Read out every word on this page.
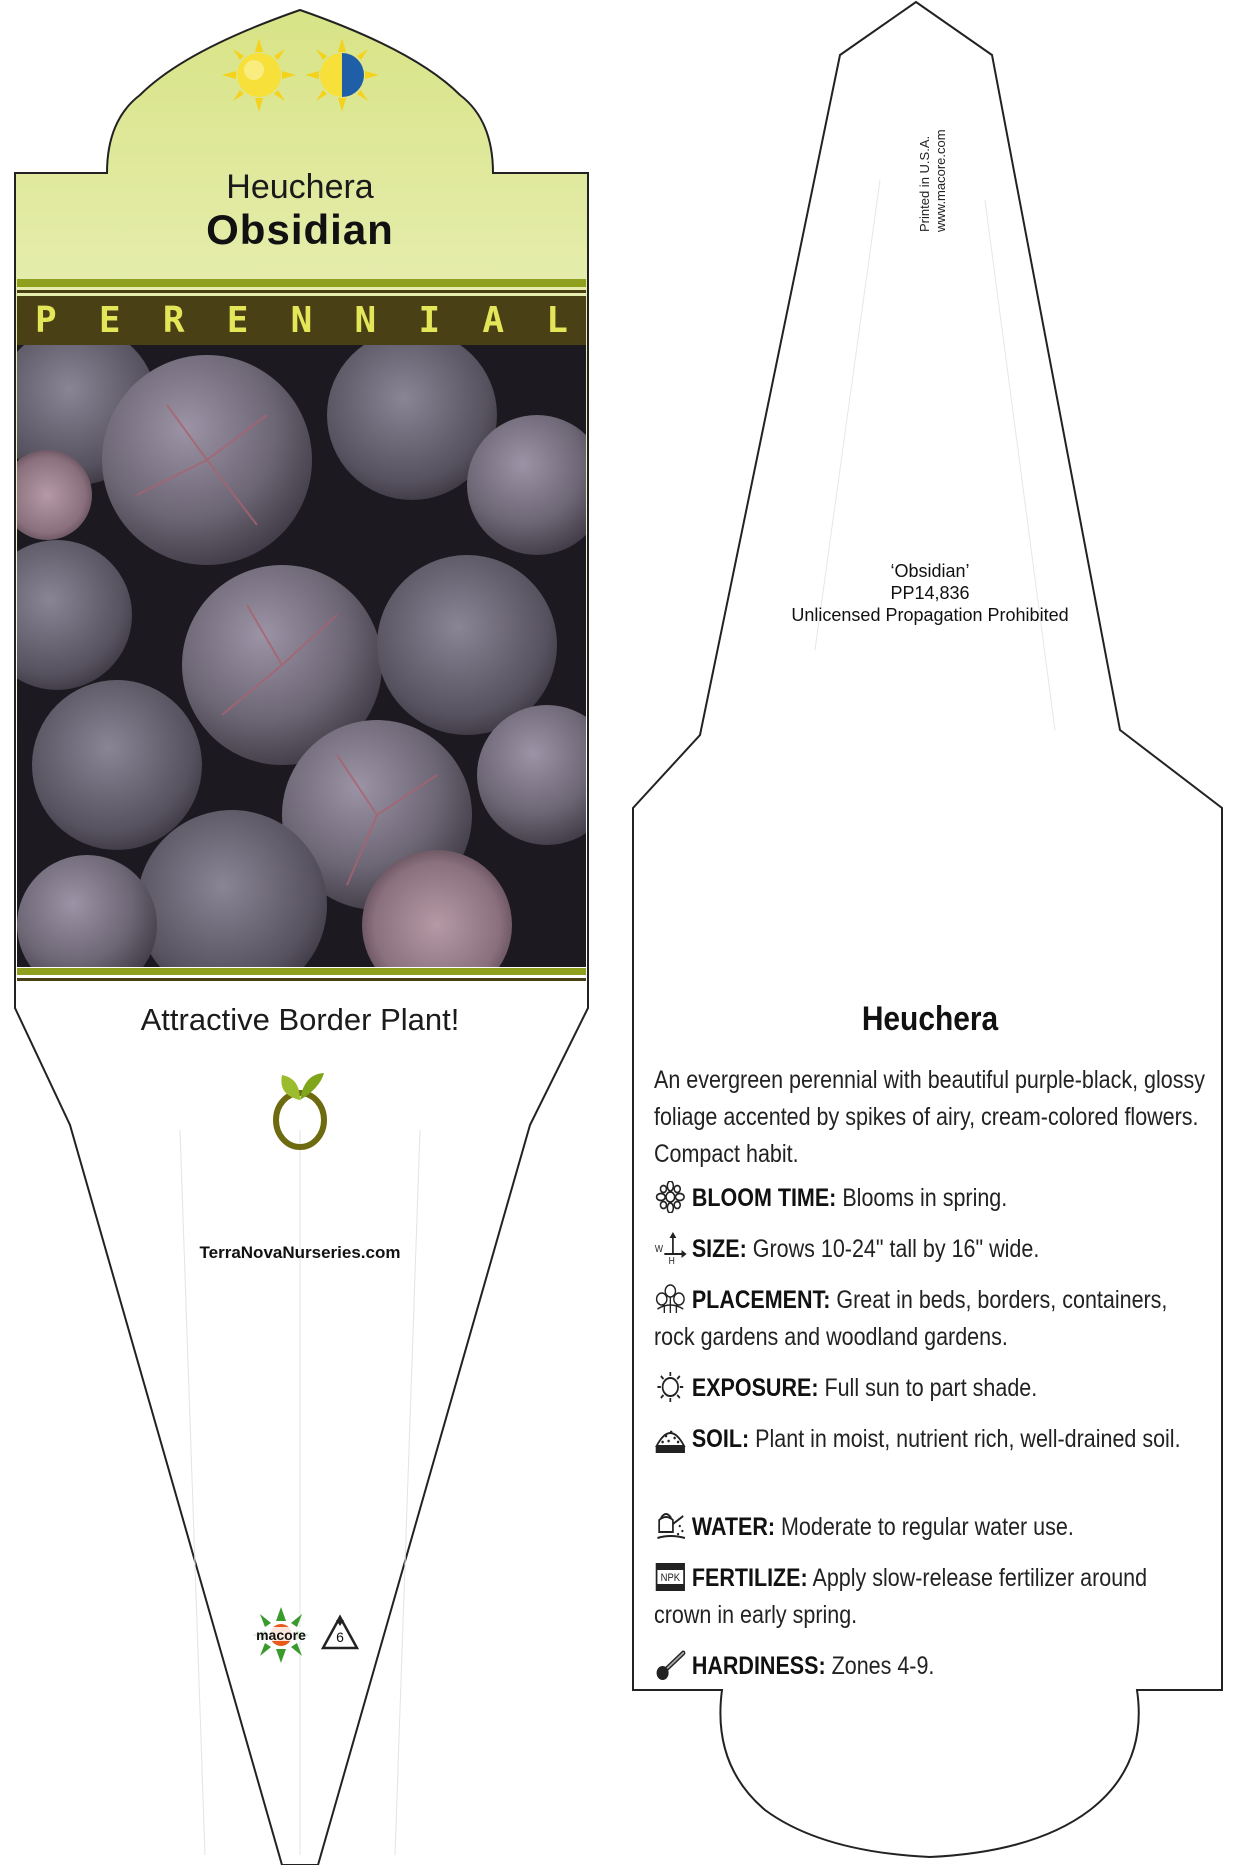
Heuchera
Obsidian
P E R E N N I A L
Attractive Border Plant!
TerraNovaNurseries.com
macore	6
Printed in U.S.A. www.macore.com
‘Obsidian’
PP14,836
Unlicensed Propagation Prohibited
Heuchera
An evergreen perennial with beautiful purple-black, glossy foliage accented by spikes of airy, cream-colored flowers. Compact habit.
BLOOM TIME: Blooms in spring.
W
H SIZE: Grows 10-24" tall by 16" wide.
PLACEMENT: Great in beds, borders, containers, rock gardens and woodland gardens.
EXPOSURE: Full sun to part shade.
SOIL: Plant in moist, nutrient rich, well-drained soil.
WATER: Moderate to regular water use.
NPK FERTILIZE: Apply slow-release fertilizer around crown in early spring.
HARDINESS: Zones 4-9.
